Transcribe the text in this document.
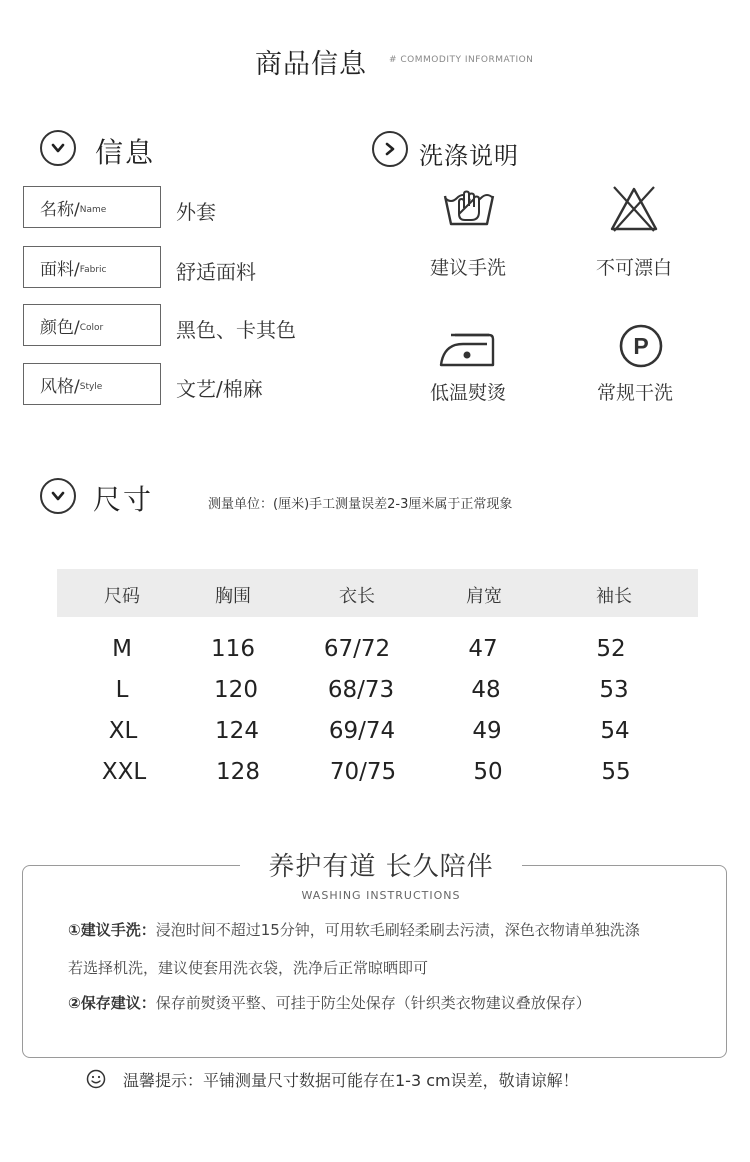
商品信息 # COMMODITY INFORMATION
信息
名称/ Name	外套
面料/ Fabric	舒适面料
颜色/ Color	黑色、卡其色
风格/ Style	文艺/棉麻
洗涤说明
建议手洗	不可漂白
低温熨烫
P
常规干洗
尺寸	测量单位：(厘米)手工测量误差2-3厘米属于正常现象
尺码	胸围	衣长	肩宽	袖长
M	116	67/72	47	52
L	120	68/73	48	53
XL	124	69/74	49	54
XXL	128	70/75	50	55
养护有道 长久陪伴
WASHING INSTRUCTIONS
①建议手洗：浸泡时间不超过15分钟，可用软毛刷轻柔刷去污渍，深色衣物请单独洗涤
若选择机洗，建议使套用洗衣袋，洗净后正常晾晒即可
②保存建议：保存前熨烫平整、可挂于防尘处保存（针织类衣物建议叠放保存）
温馨提示：平铺测量尺寸数据可能存在1-3 cm误差，敬请谅解！
